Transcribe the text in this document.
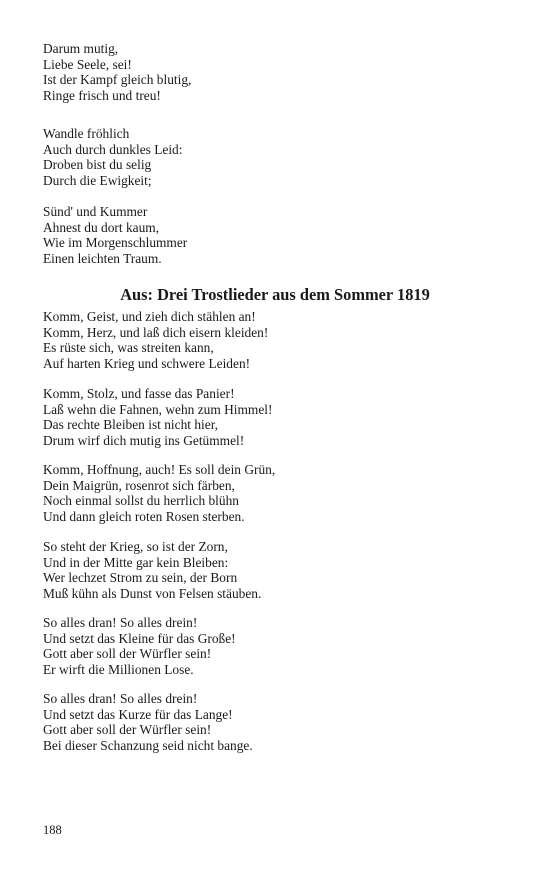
Darum mutig,
Liebe Seele, sei!
Ist der Kampf gleich blutig,
Ringe frisch und treu!
Wandle fröhlich
Auch durch dunkles Leid:
Droben bist du selig
Durch die Ewigkeit;
Sünd' und Kummer
Ahnest du dort kaum,
Wie im Morgenschlummer
Einen leichten Traum.
Aus: Drei Trostlieder aus dem Sommer 1819
Komm, Geist, und zieh dich stählen an!
Komm, Herz, und laß dich eisern kleiden!
Es rüste sich, was streiten kann,
Auf harten Krieg und schwere Leiden!
Komm, Stolz, und fasse das Panier!
Laß wehn die Fahnen, wehn zum Himmel!
Das rechte Bleiben ist nicht hier,
Drum wirf dich mutig ins Getümmel!
Komm, Hoffnung, auch! Es soll dein Grün,
Dein Maigrün, rosenrot sich färben,
Noch einmal sollst du herrlich blühn
Und dann gleich roten Rosen sterben.
So steht der Krieg, so ist der Zorn,
Und in der Mitte gar kein Bleiben:
Wer lechzet Strom zu sein, der Born
Muß kühn als Dunst von Felsen stäuben.
So alles dran! So alles drein!
Und setzt das Kleine für das Große!
Gott aber soll der Würfler sein!
Er wirft die Millionen Lose.
So alles dran! So alles drein!
Und setzt das Kurze für das Lange!
Gott aber soll der Würfler sein!
Bei dieser Schanzung seid nicht bange.
188
